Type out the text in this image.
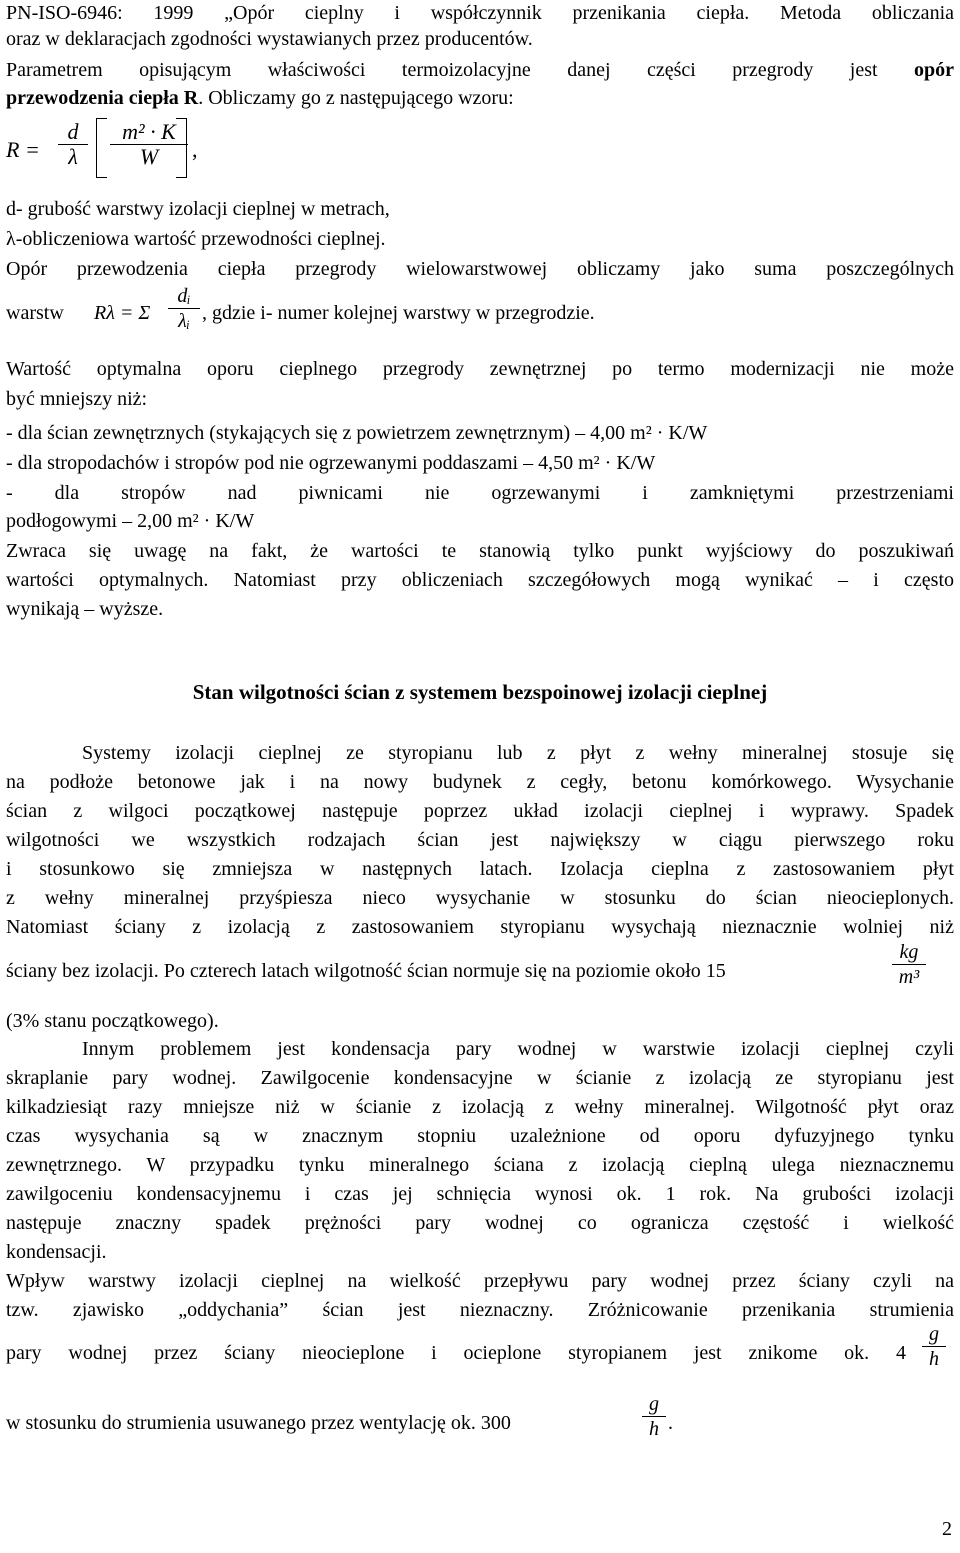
PN-ISO-6946: 1999 „Opór cieplny i współczynnik przenikania ciepła. Metoda obliczania
oraz w deklaracjach zgodności wystawianych przez producentów.
Parametrem opisującym właściwości termoizolacyjne danej części przegrody jest opór
przewodzenia ciepła R. Obliczamy go z następującego wzoru:
R =
d
λ
m² · K
W	,
d- grubość warstwy izolacji cieplnej w metrach,
λ-obliczeniowa wartość przewodności cieplnej.
Opór przewodzenia ciepła przegrody wielowarstwowej obliczamy jako suma poszczególnych
warstw Rλ = Σ
dᵢ
λᵢ , gdzie i- numer kolejnej warstwy w przegrodzie.
Wartość optymalna oporu cieplnego przegrody zewnętrznej po termo modernizacji nie może
być mniejszy niż:
- dla ścian zewnętrznych (stykających się z powietrzem zewnętrznym) – 4,00 m² · K/W
- dla stropodachów i stropów pod nie ogrzewanymi poddaszami – 4,50 m² · K/W
- dla stropów nad piwnicami nie ogrzewanymi i zamkniętymi przestrzeniami
podłogowymi – 2,00 m² · K/W
Zwraca się uwagę na fakt, że wartości te stanowią tylko punkt wyjściowy do poszukiwań
wartości optymalnych. Natomiast przy obliczeniach szczegółowych mogą wynikać – i często
wynikają – wyższe.
Stan wilgotności ścian z systemem bezspoinowej izolacji cieplnej
Systemy izolacji cieplnej ze styropianu lub z płyt z wełny mineralnej stosuje się
na podłoże betonowe jak i na nowy budynek z cegły, betonu komórkowego. Wysychanie
ścian z wilgoci początkowej następuje poprzez układ izolacji cieplnej i wyprawy. Spadek
wilgotności we wszystkich rodzajach ścian jest największy w ciągu pierwszego roku
i stosunkowo się zmniejsza w następnych latach. Izolacja cieplna z zastosowaniem płyt
z wełny mineralnej przyśpiesza nieco wysychanie w stosunku do ścian nieocieplonych.
Natomiast ściany z izolacją z zastosowaniem styropianu wysychają nieznacznie wolniej niż
ściany bez izolacji. Po czterech latach wilgotność ścian normuje się na poziomie około 15
kg
m³
(3% stanu początkowego).
Innym problemem jest kondensacja pary wodnej w warstwie izolacji cieplnej czyli
skraplanie pary wodnej. Zawilgocenie kondensacyjne w ścianie z izolacją ze styropianu jest
kilkadziesiąt razy mniejsze niż w ścianie z izolacją z wełny mineralnej. Wilgotność płyt oraz
czas wysychania są w znacznym stopniu uzależnione od oporu dyfuzyjnego tynku
zewnętrznego. W przypadku tynku mineralnego ściana z izolacją cieplną ulega nieznacznemu
zawilgoceniu kondensacyjnemu i czas jej schnięcia wynosi ok. 1 rok. Na grubości izolacji
następuje znaczny spadek prężności pary wodnej co ogranicza częstość i wielkość
kondensacji.
Wpływ warstwy izolacji cieplnej na wielkość przepływu pary wodnej przez ściany czyli na
tzw. zjawisko „oddychania” ścian jest nieznaczny. Zróżnicowanie przenikania strumienia
pary wodnej przez ściany nieocieplone i ocieplone styropianem jest znikome ok. 4
g
h
w stosunku do strumienia usuwanego przez wentylację ok. 300
g
h .
2
